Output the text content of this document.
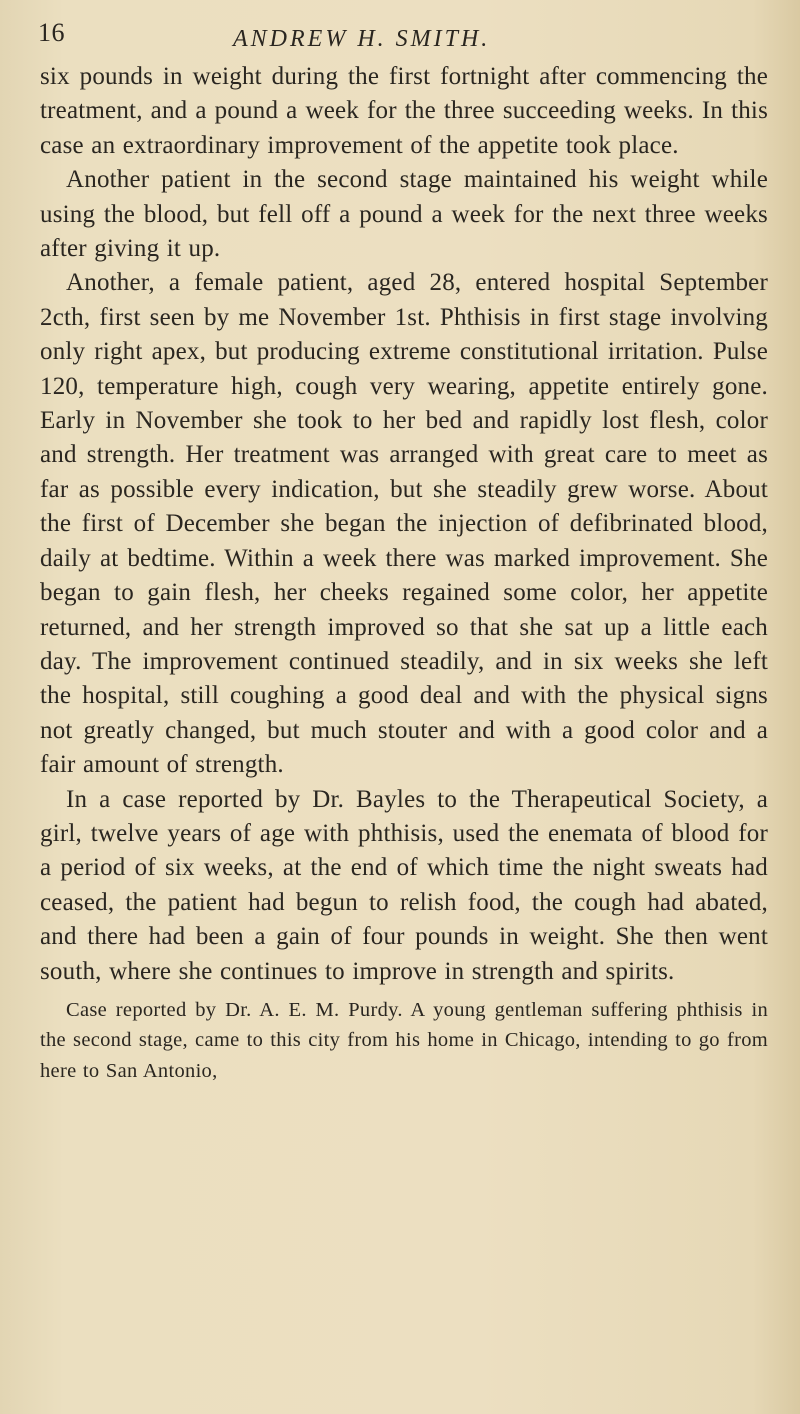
16	ANDREW H. SMITH.

six pounds in weight during the first fortnight after commencing the treatment, and a pound a week for the three succeeding weeks. In this case an extraordinary improvement of the appetite took place.

Another patient in the second stage maintained his weight while using the blood, but fell off a pound a week for the next three weeks after giving it up.

Another, a female patient, aged 28, entered hospital September 2cth, first seen by me November 1st. Phthisis in first stage involving only right apex, but producing extreme constitutional irritation. Pulse 120, temperature high, cough very wearing, appetite entirely gone. Early in November she took to her bed and rapidly lost flesh, color and strength. Her treatment was arranged with great care to meet as far as possible every indication, but she steadily grew worse. About the first of December she began the injection of defibrinated blood, daily at bedtime. Within a week there was marked improvement. She began to gain flesh, her cheeks regained some color, her appetite returned, and her strength improved so that she sat up a little each day. The improvement continued steadily, and in six weeks she left the hospital, still coughing a good deal and with the physical signs not greatly changed, but much stouter and with a good color and a fair amount of strength.

In a case reported by Dr. Bayles to the Therapeutical Society, a girl, twelve years of age with phthisis, used the enemata of blood for a period of six weeks, at the end of which time the night sweats had ceased, the patient had begun to relish food, the cough had abated, and there had been a gain of four pounds in weight. She then went south, where she continues to improve in strength and spirits.

Case reported by Dr. A. E. M. Purdy. A young gentleman suffering phthisis in the second stage, came to this city from his home in Chicago, intending to go from here to San Antonio,
